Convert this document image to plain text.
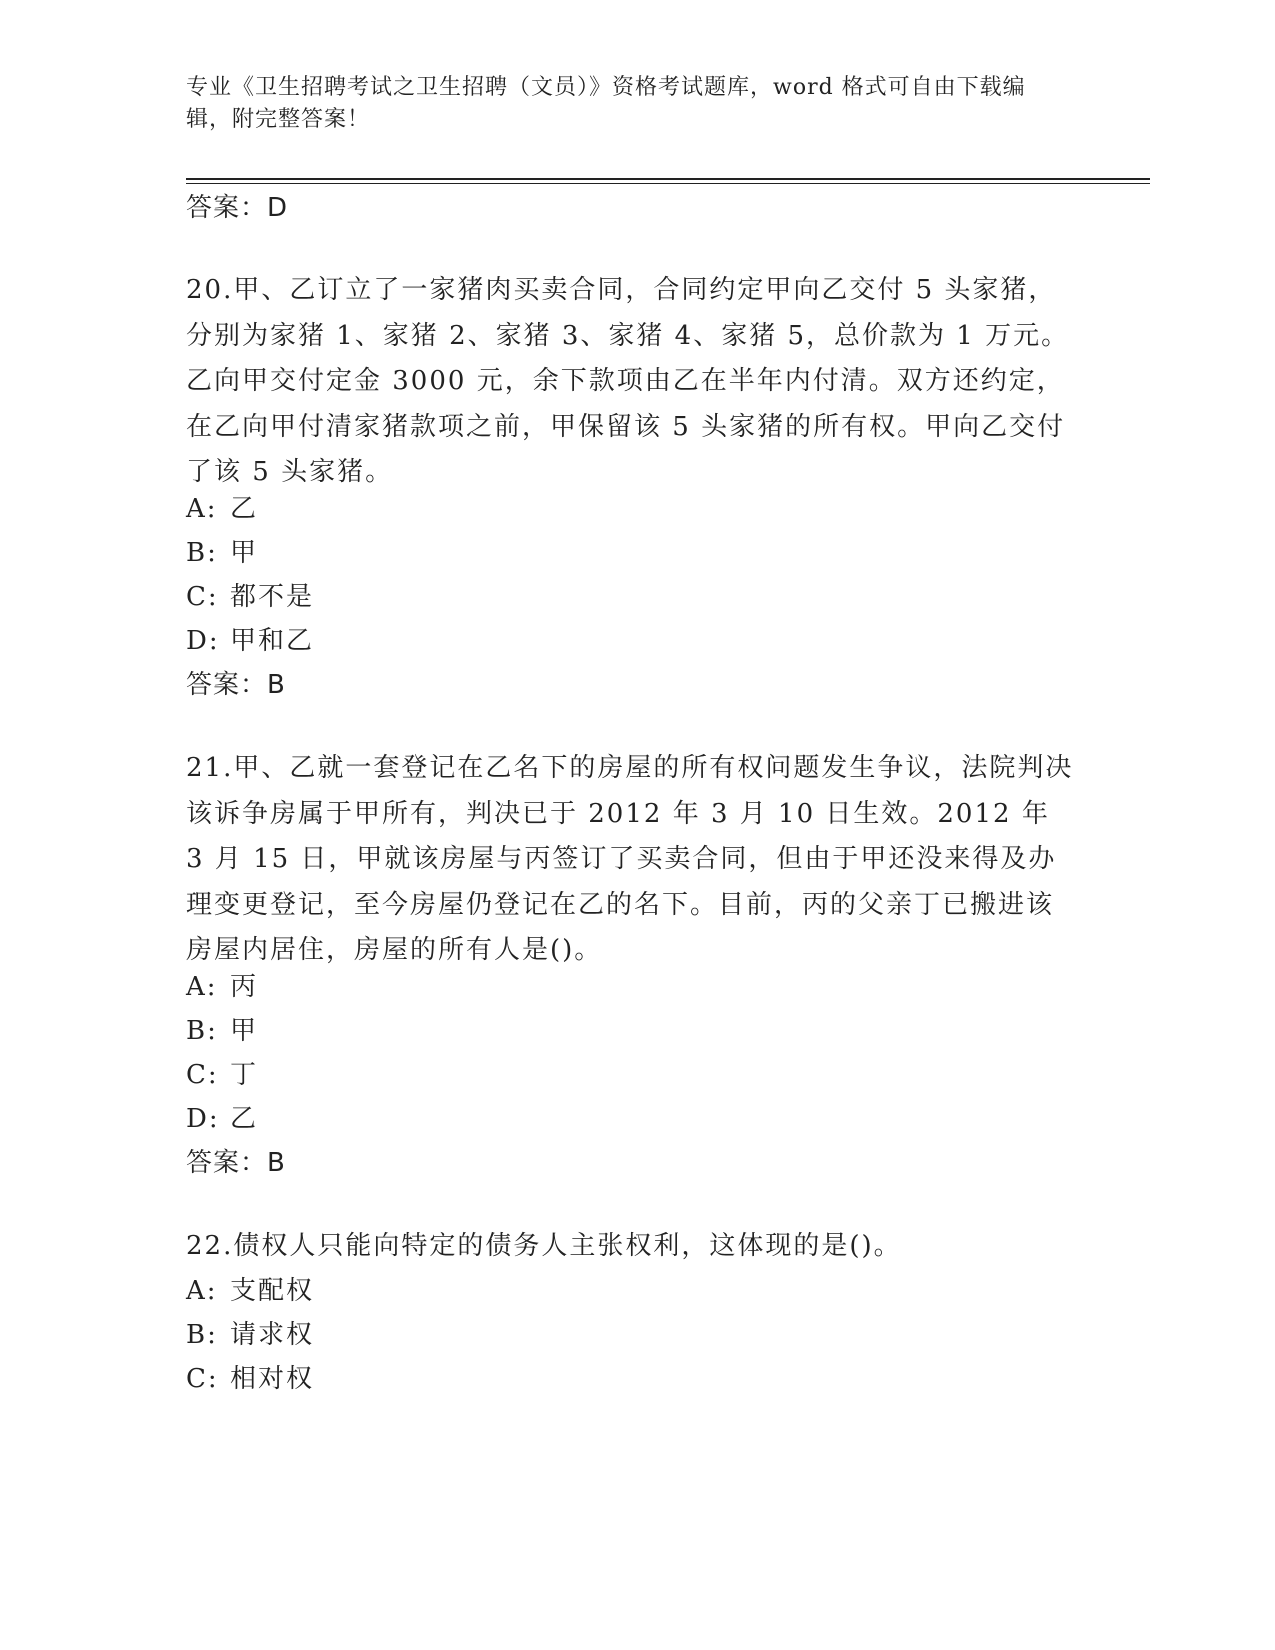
专业《卫生招聘考试之卫生招聘（文员）》资格考试题库，word 格式可自由下载编辑，附完整答案！
答案：D
20.甲、乙订立了一家猪肉买卖合同，合同约定甲向乙交付 5 头家猪，分别为家猪 1、家猪 2、家猪 3、家猪 4、家猪 5，总价款为 1 万元。乙向甲交付定金 3000 元，余下款项由乙在半年内付清。双方还约定，在乙向甲付清家猪款项之前，甲保留该 5 头家猪的所有权。甲向乙交付了该 5 头家猪。
A: 乙
B: 甲
C: 都不是
D: 甲和乙
答案：B
21.甲、乙就一套登记在乙名下的房屋的所有权问题发生争议，法院判决该诉争房属于甲所有，判决已于 2012 年 3 月 10 日生效。2012 年 3 月 15 日，甲就该房屋与丙签订了买卖合同，但由于甲还没来得及办理变更登记，至今房屋仍登记在乙的名下。目前，丙的父亲丁已搬进该房屋内居住，房屋的所有人是()。
A: 丙
B: 甲
C: 丁
D: 乙
答案：B
22.债权人只能向特定的债务人主张权利，这体现的是()。
A: 支配权
B: 请求权
C: 相对权
